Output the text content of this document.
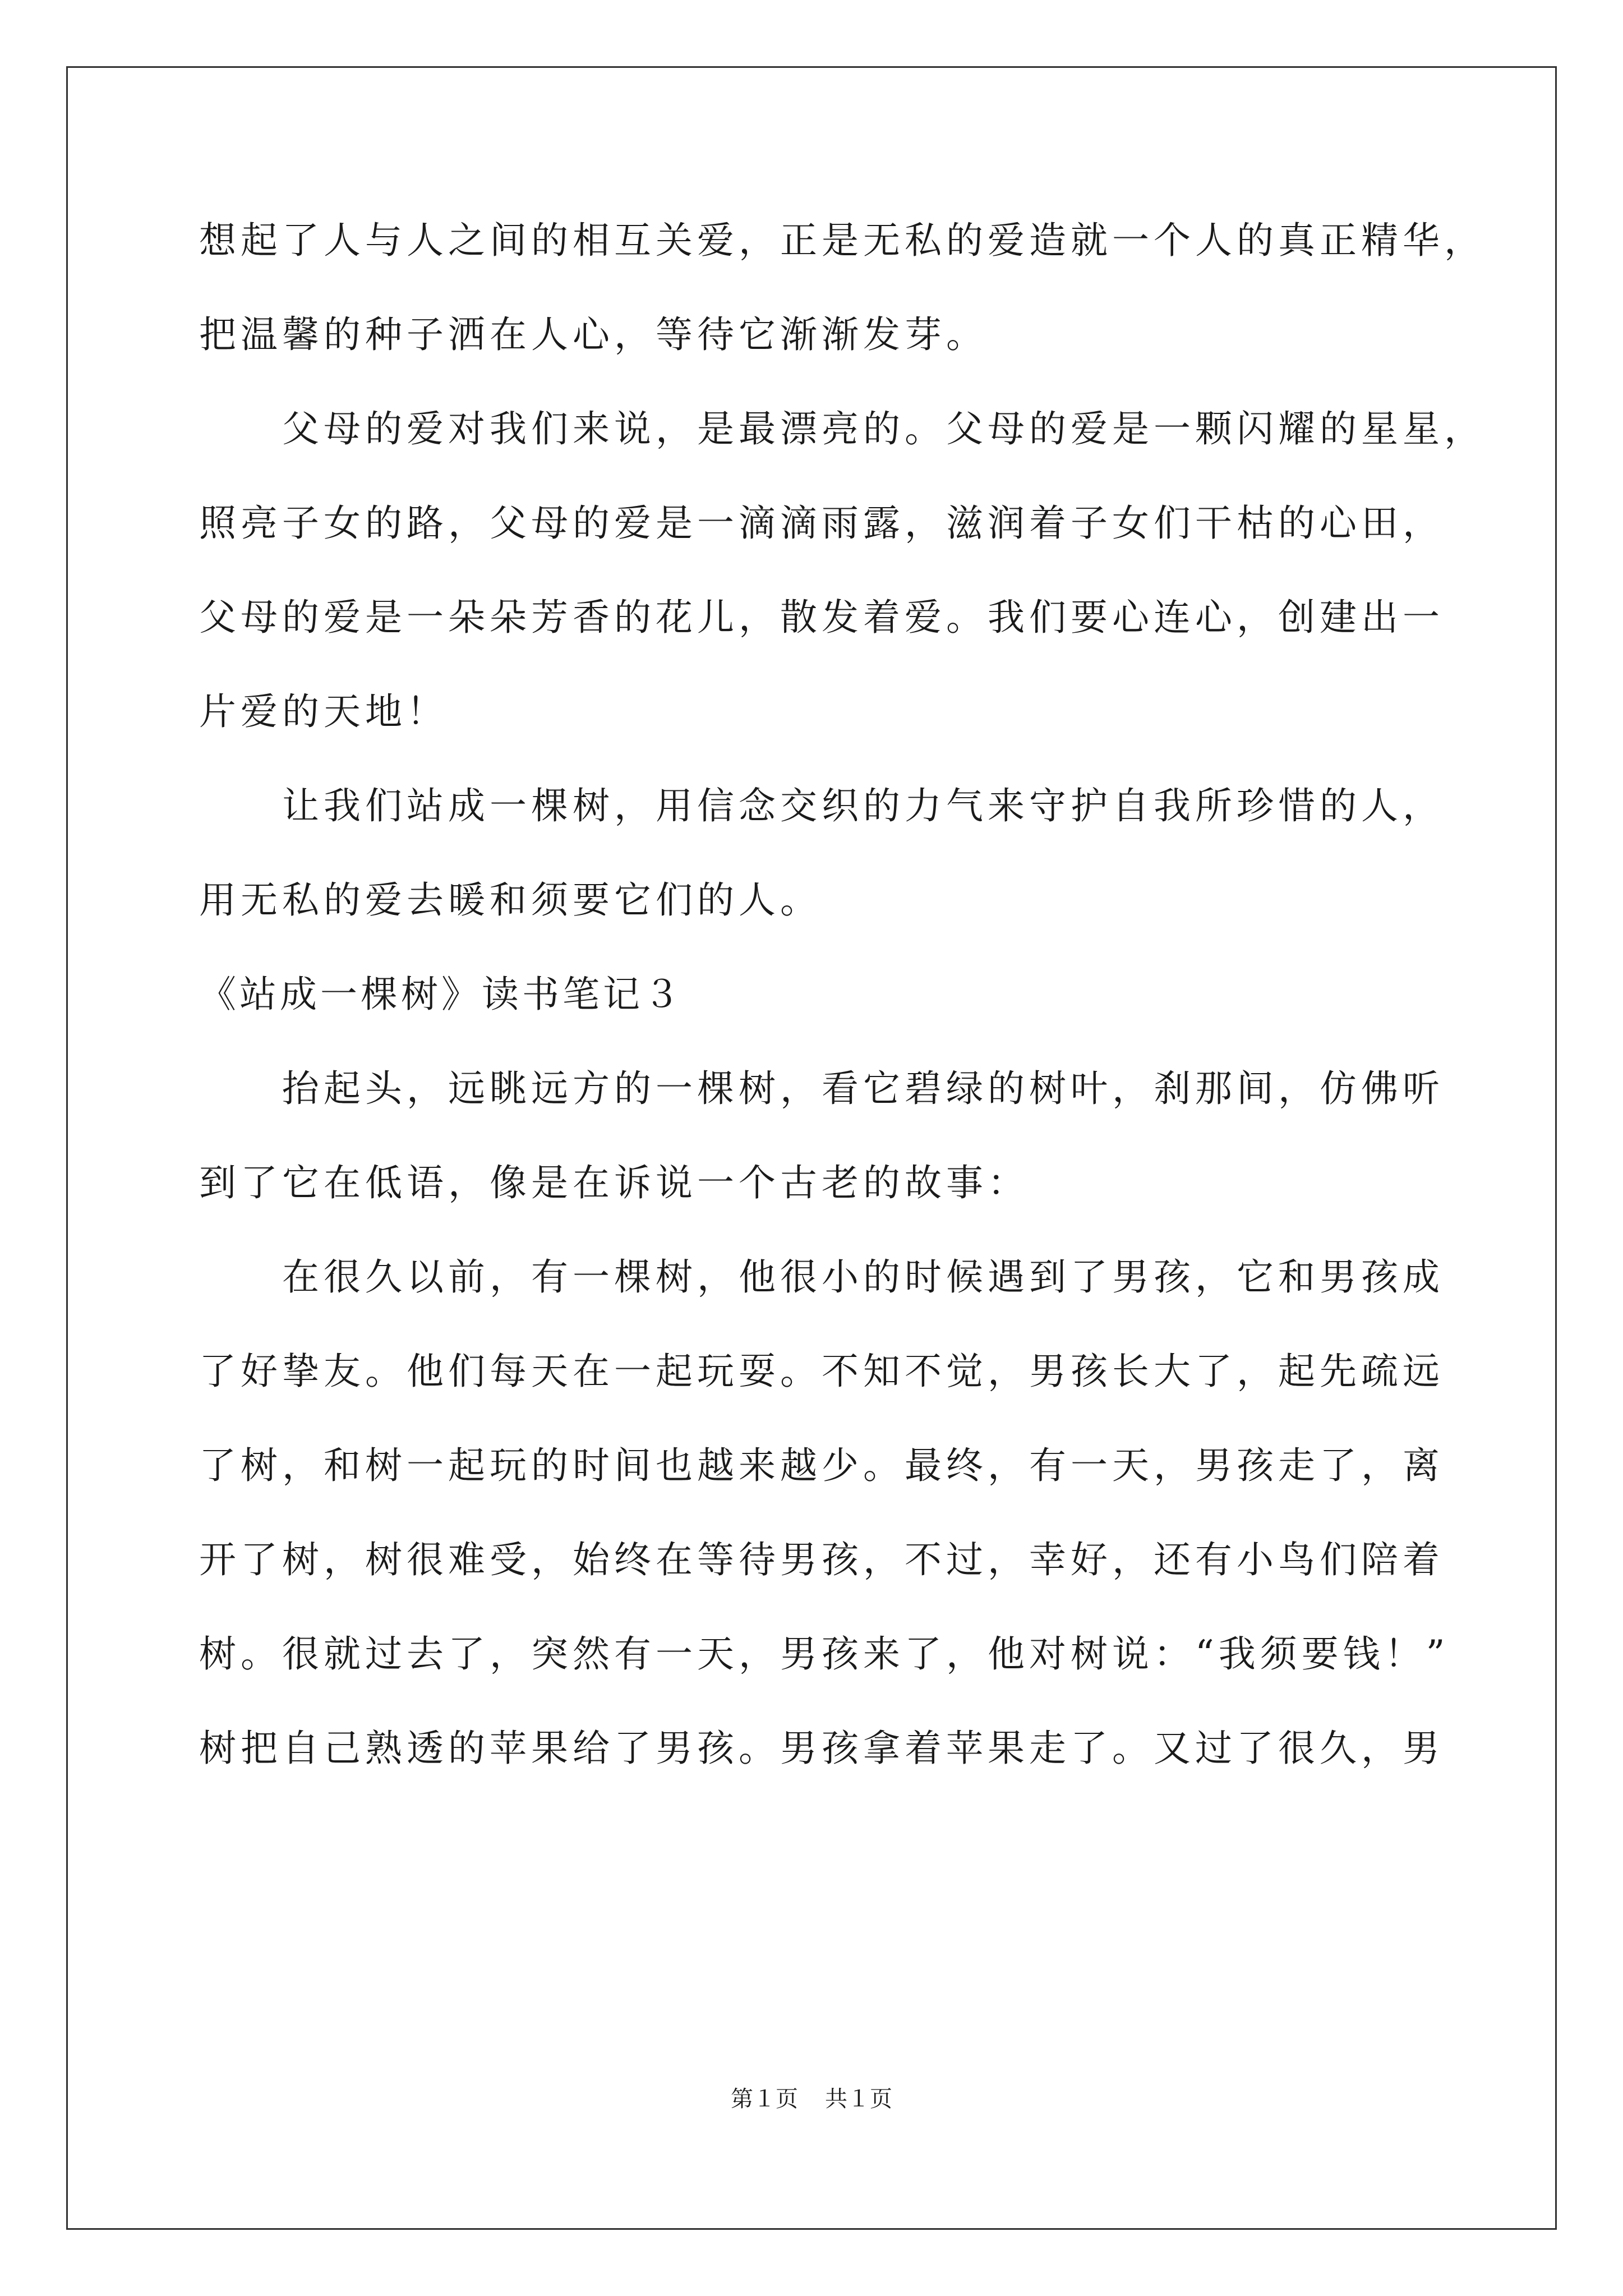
想起了人与人之间的相互关爱，正是无私的爱造就一个人的真正精华，
把温馨的种子洒在人心，等待它渐渐发芽。
父母的爱对我们来说，是最漂亮的。父母的爱是一颗闪耀的星星，
照亮子女的路，父母的爱是一滴滴雨露，滋润着子女们干枯的心田，
父母的爱是一朵朵芳香的花儿，散发着爱。我们要心连心，创建出一
片爱的天地！
让我们站成一棵树，用信念交织的力气来守护自我所珍惜的人，
用无私的爱去暖和须要它们的人。
《站成一棵树》读书笔记３
抬起头，远眺远方的一棵树，看它碧绿的树叶，刹那间，仿佛听
到了它在低语，像是在诉说一个古老的故事：
在很久以前，有一棵树，他很小的时候遇到了男孩，它和男孩成
了好挚友。他们每天在一起玩耍。不知不觉，男孩长大了，起先疏远
了树，和树一起玩的时间也越来越少。最终，有一天，男孩走了，离
开了树，树很难受，始终在等待男孩，不过，幸好，还有小鸟们陪着
树。很就过去了，突然有一天，男孩来了，他对树说：“我须要钱！”
树把自己熟透的苹果给了男孩。男孩拿着苹果走了。又过了很久，男
第１页 共１页
